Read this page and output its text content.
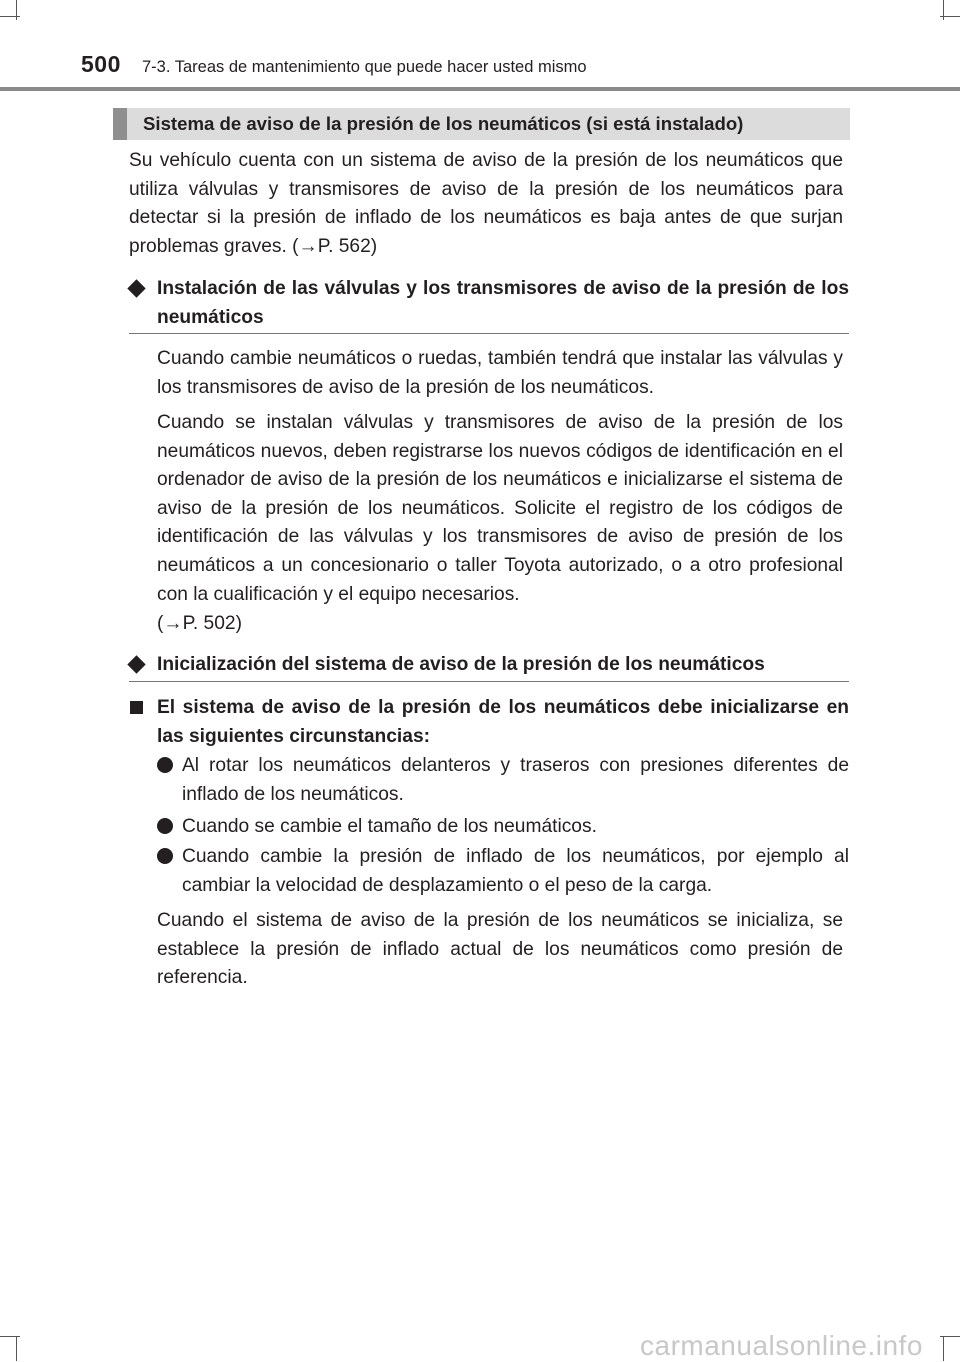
500 7-3. Tareas de mantenimiento que puede hacer usted mismo
Sistema de aviso de la presión de los neumáticos (si está instalado)

Su vehículo cuenta con un sistema de aviso de la presión de los neumáticos que utiliza válvulas y transmisores de aviso de la presión de los neumáticos para detectar si la presión de inflado de los neumáticos es baja antes de que surjan problemas graves. (→P. 562)

Instalación de las válvulas y los transmisores de aviso de la presión de los neumáticos

Cuando cambie neumáticos o ruedas, también tendrá que instalar las válvulas y los transmisores de aviso de la presión de los neumáticos.

Cuando se instalan válvulas y transmisores de aviso de la presión de los neumáticos nuevos, deben registrarse los nuevos códigos de identificación en el ordenador de aviso de la presión de los neumáticos e inicializarse el sistema de aviso de la presión de los neumáticos. Solicite el registro de los códigos de identificación de las válvulas y los transmisores de aviso de presión de los neumáticos a un concesionario o taller Toyota autorizado, o a otro profesional con la cualificación y el equipo necesarios.

(→P. 502)

Inicialización del sistema de aviso de la presión de los neumáticos
El sistema de aviso de la presión de los neumáticos debe inicializarse en las siguientes circunstancias:
Al rotar los neumáticos delanteros y traseros con presiones diferentes de inflado de los neumáticos.
Cuando se cambie el tamaño de los neumáticos.
Cuando cambie la presión de inflado de los neumáticos, por ejemplo al cambiar la velocidad de desplazamiento o el peso de la carga.

Cuando el sistema de aviso de la presión de los neumáticos se inicializa, se establece la presión de inflado actual de los neumáticos como presión de referencia.

carmanualsonline.info
